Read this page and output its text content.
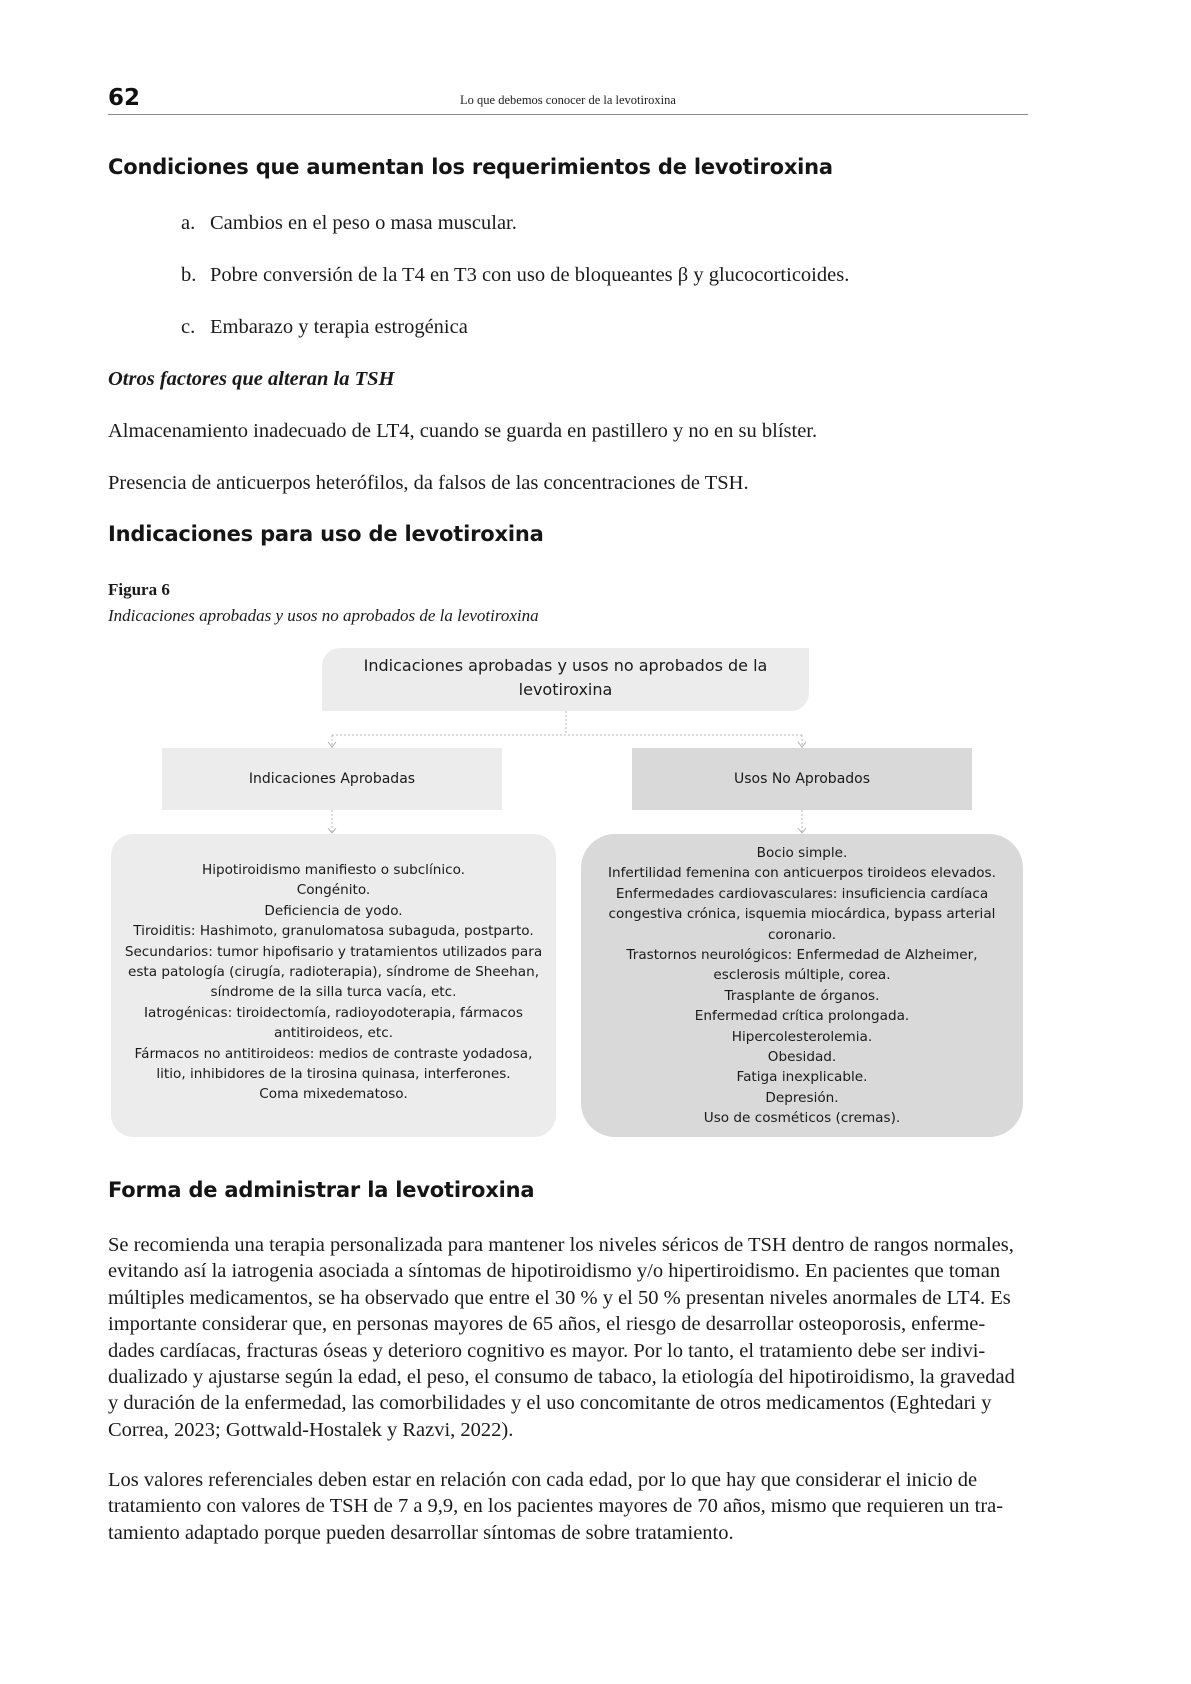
62	Lo que debemos conocer de la levotiroxina
Condiciones que aumentan los requerimientos de levotiroxina
a. Cambios en el peso o masa muscular.
b. Pobre conversión de la T4 en T3 con uso de bloqueantes β y glucocorticoides.
c. Embarazo y terapia estrogénica
Otros factores que alteran la TSH
Almacenamiento inadecuado de LT4, cuando se guarda en pastillero y no en su blíster.
Presencia de anticuerpos heterófilos, da falsos de las concentraciones de TSH.
Indicaciones para uso de levotiroxina
Figura 6
Indicaciones aprobadas y usos no aprobados de la levotiroxina
Indicaciones aprobadas y usos no aprobados de la
levotiroxina
Indicaciones Aprobadas	Usos No Aprobados
Hipotiroidismo manifiesto o subclínico.
Congénito.
Deficiencia de yodo.
Tiroiditis: Hashimoto, granulomatosa subaguda, postparto.
Secundarios: tumor hipofisario y tratamientos utilizados para
esta patología (cirugía, radioterapia), síndrome de Sheehan,
síndrome de la silla turca vacía, etc.
Iatrogénicas: tiroidectomía, radioyodoterapia, fármacos
antitiroideos, etc.
Fármacos no antitiroideos: medios de contraste yodadosa,
litio, inhibidores de la tirosina quinasa, interferones.
Coma mixedematoso.
Bocio simple.
Infertilidad femenina con anticuerpos tiroideos elevados.
Enfermedades cardiovasculares: insuficiencia cardíaca
congestiva crónica, isquemia miocárdica, bypass arterial
coronario.
Trastornos neurológicos: Enfermedad de Alzheimer,
esclerosis múltiple, corea.
Trasplante de órganos.
Enfermedad crítica prolongada.
Hipercolesterolemia.
Obesidad.
Fatiga inexplicable.
Depresión.
Uso de cosméticos (cremas).
Forma de administrar la levotiroxina
Se recomienda una terapia personalizada para mantener los niveles séricos de TSH dentro de rangos normales,
evitando así la iatrogenia asociada a síntomas de hipotiroidismo y/o hipertiroidismo. En pacientes que toman
múltiples medicamentos, se ha observado que entre el 30 % y el 50 % presentan niveles anormales de LT4. Es
importante considerar que, en personas mayores de 65 años, el riesgo de desarrollar osteoporosis, enferme-
dades cardíacas, fracturas óseas y deterioro cognitivo es mayor. Por lo tanto, el tratamiento debe ser indivi-
dualizado y ajustarse según la edad, el peso, el consumo de tabaco, la etiología del hipotiroidismo, la gravedad
y duración de la enfermedad, las comorbilidades y el uso concomitante de otros medicamentos (Eghtedari y
Correa, 2023; Gottwald-Hostalek y Razvi, 2022).
Los valores referenciales deben estar en relación con cada edad, por lo que hay que considerar el inicio de
tratamiento con valores de TSH de 7 a 9,9, en los pacientes mayores de 70 años, mismo que requieren un tra-
tamiento adaptado porque pueden desarrollar síntomas de sobre tratamiento.
